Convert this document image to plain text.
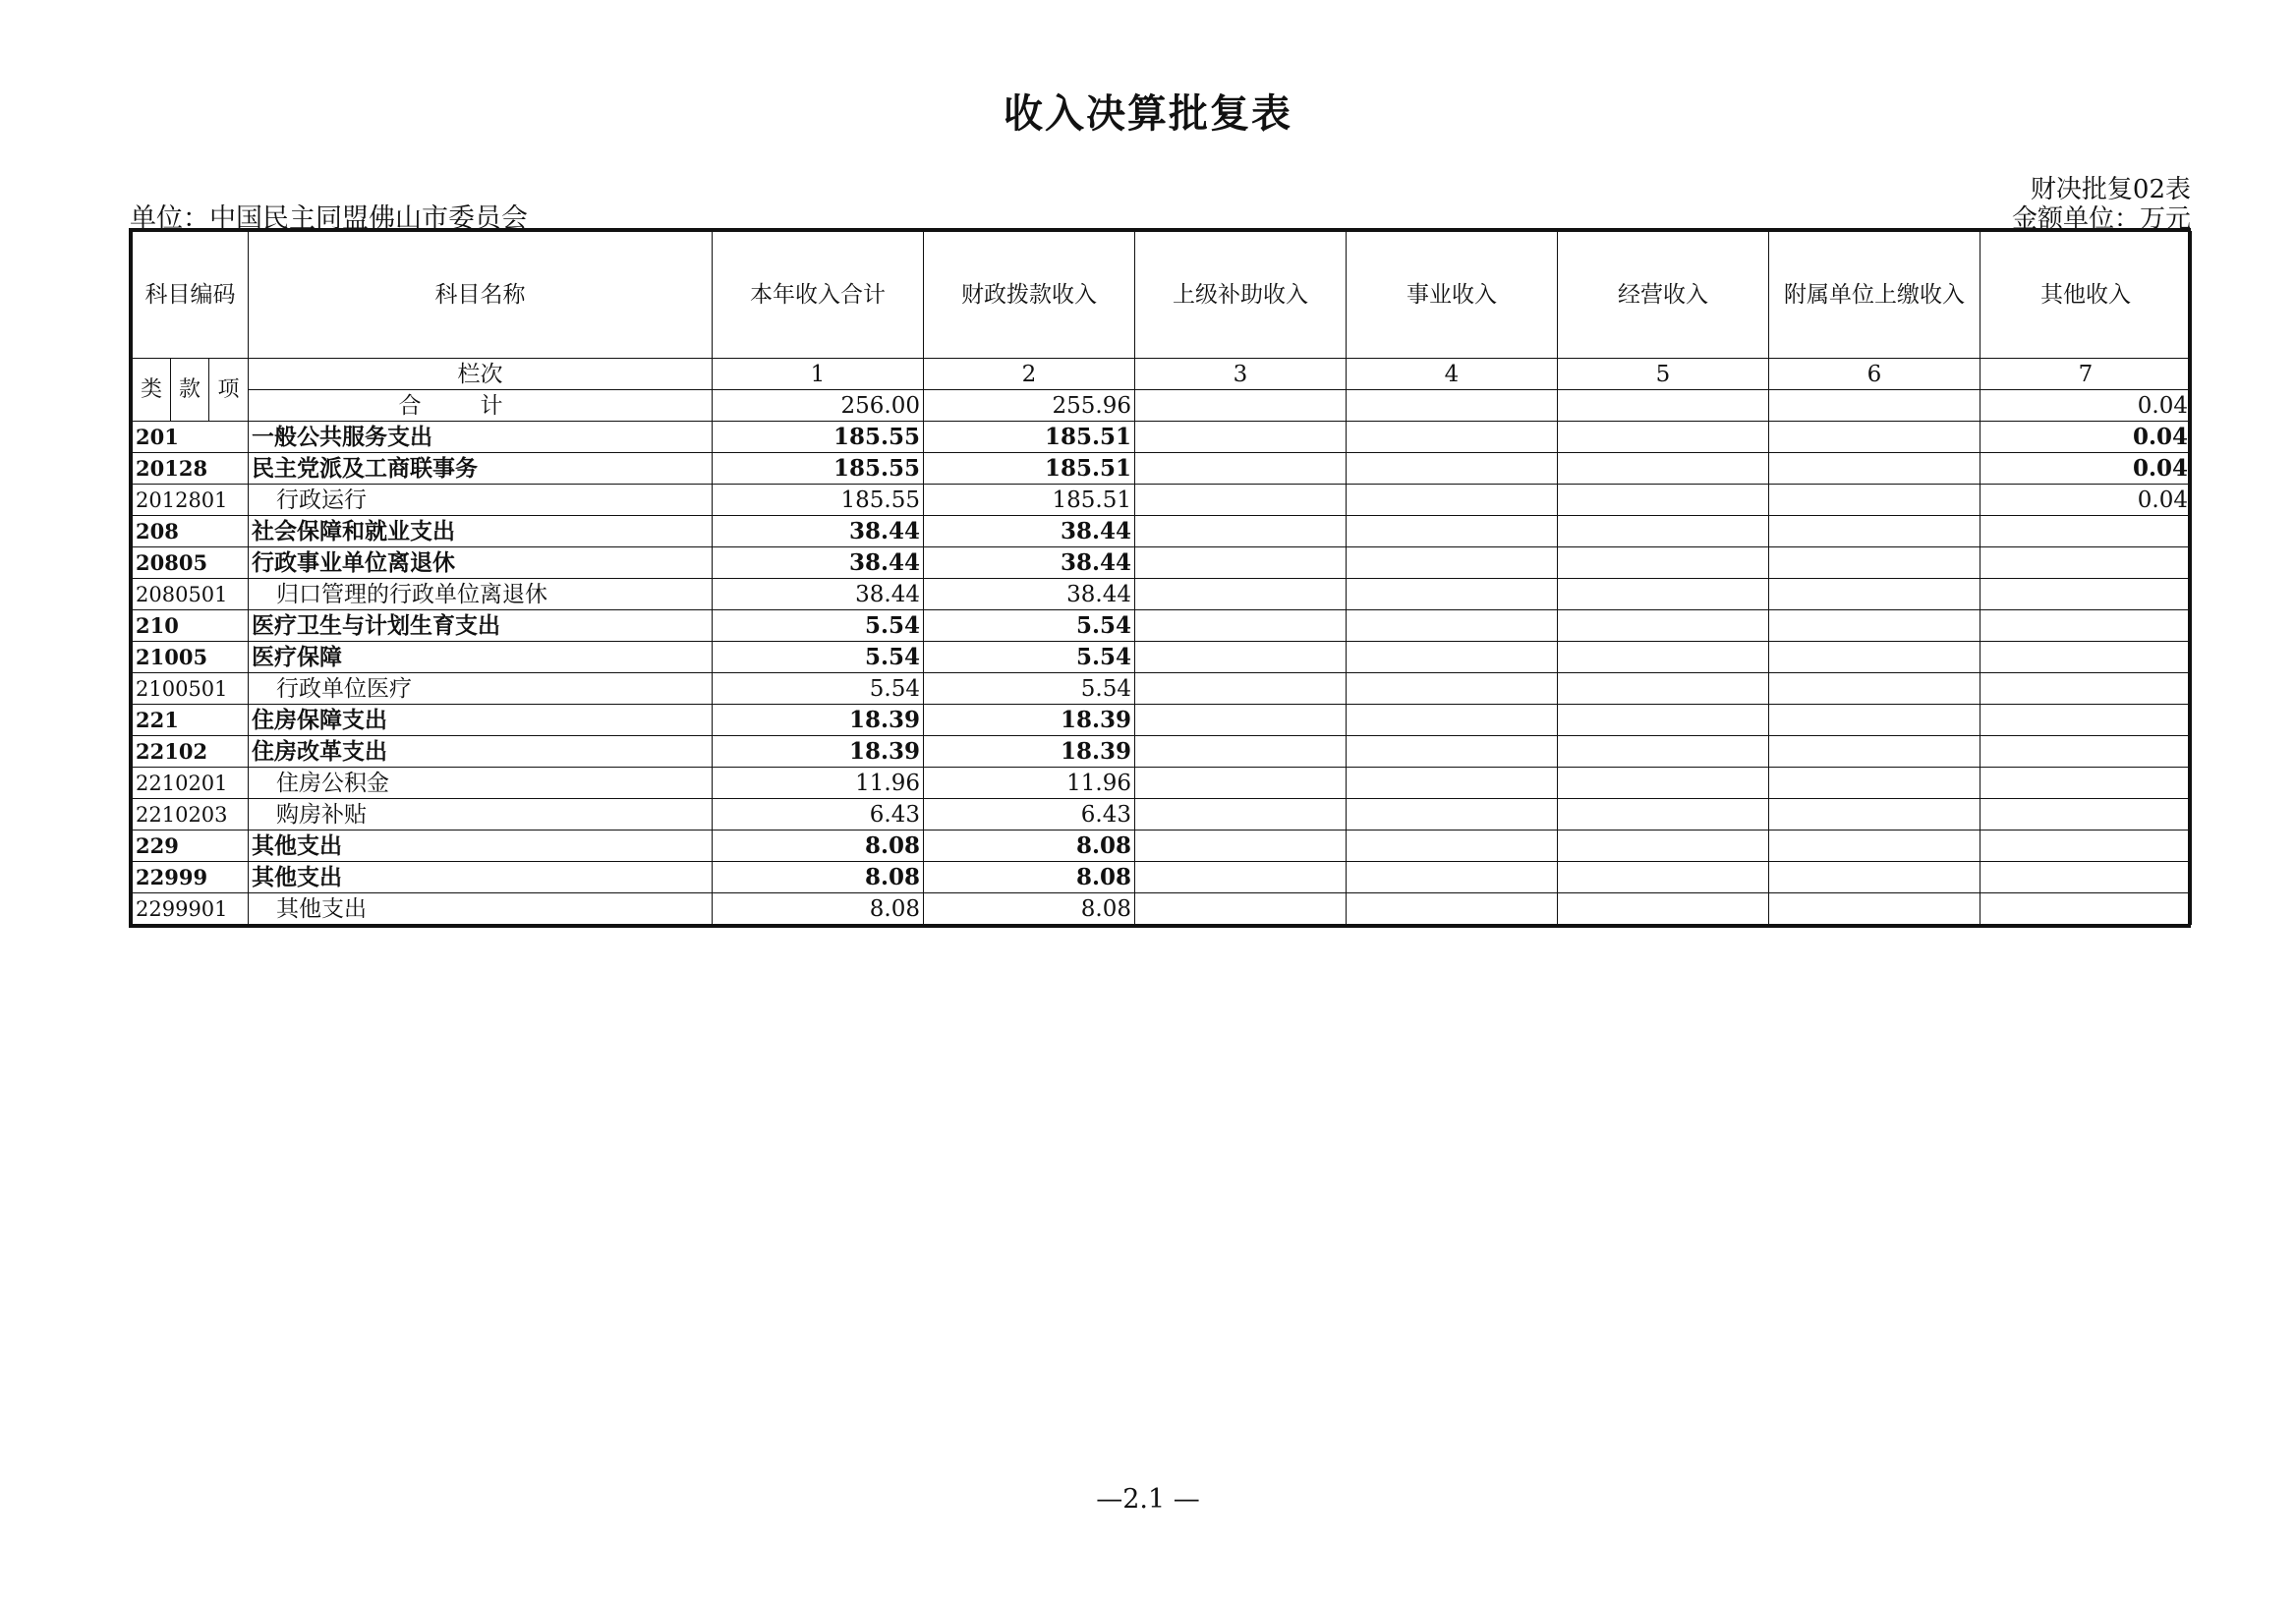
收入决算批复表
财决批复02表
单位：中国民主同盟佛山市委员会	金额单位：万元
科目编码			科目名称	本年收入合计	财政拨款收入	上级补助收入	事业收入	经营收入	附属单位上缴收入	其他收入
类	款	项	栏次	1	2	3	4	5	6	7
			合计	256.00	255.96					0.04
201			一般公共服务支出	185.55	185.51					0.04
20128			民主党派及工商联事务	185.55	185.51					0.04
2012801			行政运行	185.55	185.51					0.04
208			社会保障和就业支出	38.44	38.44					
20805			行政事业单位离退休	38.44	38.44					
2080501			归口管理的行政单位离退休	38.44	38.44					
210			医疗卫生与计划生育支出	5.54	5.54					
21005			医疗保障	5.54	5.54					
2100501			行政单位医疗	5.54	5.54					
221			住房保障支出	18.39	18.39					
22102			住房改革支出	18.39	18.39					
2210201			住房公积金	11.96	11.96					
2210203			购房补贴	6.43	6.43					
229			其他支出	8.08	8.08					
22999			其他支出	8.08	8.08					
2299901			其他支出	8.08	8.08					
—2.1 —
